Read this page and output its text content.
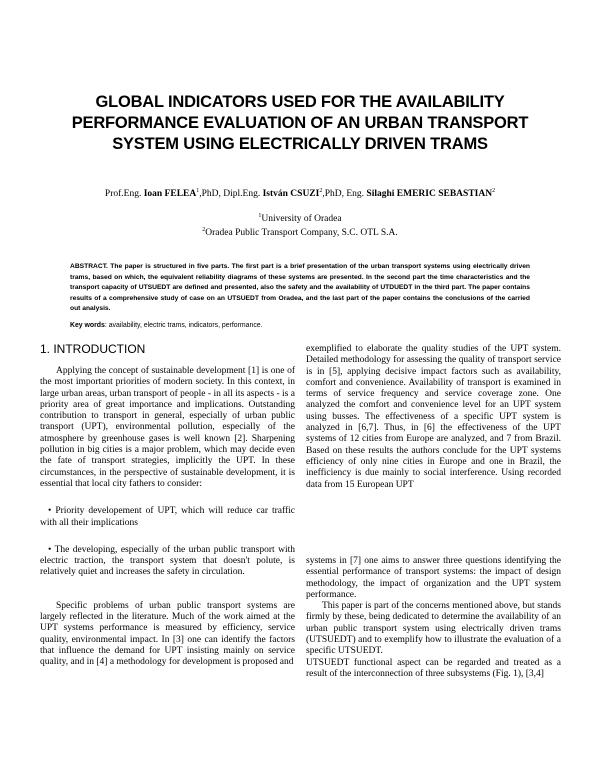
GLOBAL INDICATORS USED FOR THE AVAILABILITY PERFORMANCE EVALUATION OF AN URBAN TRANSPORT SYSTEM USING ELECTRICALLY DRIVEN TRAMS
Prof.Eng. Ioan FELEA$^1$,PhD, Dipl.Eng. István CSUZI$^2$,PhD, Eng. Silaghi EMERIC SEBASTIAN$^2$
$^1$University of Oradea
$^2$Oradea Public Transport Company, S.C. OTL S.A.
ABSTRACT. The paper is structured in five parts. The first part is a brief presentation of the urban transport systems using electrically driven trams, based on which, the equivalent reliability diagrams of these systems are presented. In the second part the time characteristics and the transport capacity of UTSUEDT are defined and presented, also the safety and the availability of UTDUEDT in the third part. The paper contains results of a comprehensive study of case on an UTSUEDT from Oradea, and the last part of the paper contains the conclusions of the carried out analysis.
Key words: availability, electric trams, indicators, performance.
1. INTRODUCTION

Applying the concept of sustainable development [1] is one of the most important priorities of modern society. In this context, in large urban areas, urban transport of people - in all its aspects - is a priority area of great importance and implications. Outstanding contribution to transport in general, especially of urban public transport (UPT), environmental pollution, especially of the atmosphere by greenhouse gases is well known [2]. Sharpening pollution in big cities is a major problem, which may decide even the fate of transport strategies, implicitly the UPT. In these circumstances, in the perspective of sustainable development, it is essential that local city fathers to consider:

• Priority developement of UPT, which will reduce car traffic with all their implications

• The developing, especially of the urban public transport with electric traction, the transport system that doesn't polute, is relatively quiet and increases the safety in circulation.

Specific problems of urban public transport systems are largely reflected in the literature. Much of the work aimed at the UPT systems performance is measured by efficiency, service quality, environmental impact. In [3] one can identify the factors that influence the demand for UPT insisting mainly on service quality, and in [4] a methodology for development is proposed and

exemplified to elaborate the quality studies of the UPT system. Detailed methodology for assessing the quality of transport service is in [5], applying decisive impact factors such as availability, comfort and convenience. Availability of transport is examined in terms of service frequency and service coverage zone. One analyzed the comfort and convenience level for an UPT system using busses. The effectiveness of a specific UPT system is analyzed in [6,7]. Thus, in [6] the effectiveness of the UPT systems of 12 cities from Europe are analyzed, and 7 from Brazil. Based on these results the authors conclude for the UPT systems efficiency of only nine cities in Europe and one in Brazil, the inefficiency is due mainly to social interference. Using recorded data from 15 European UPT

systems in [7] one aims to answer three questions identifying the essential performance of transport systems: the impact of design methodology, the impact of organization and the UPT system performance.

This paper is part of the concerns mentioned above, but stands firmly by these, being dedicated to determine the availability of an urban public transport system using electrically driven trams (UTSUEDT) and to exemplify how to illustrate the evaluation of a specific UTSUEDT.

UTSUEDT functional aspect can be regarded and treated as a result of the interconnection of three subsystems (Fig. 1), [3,4]
